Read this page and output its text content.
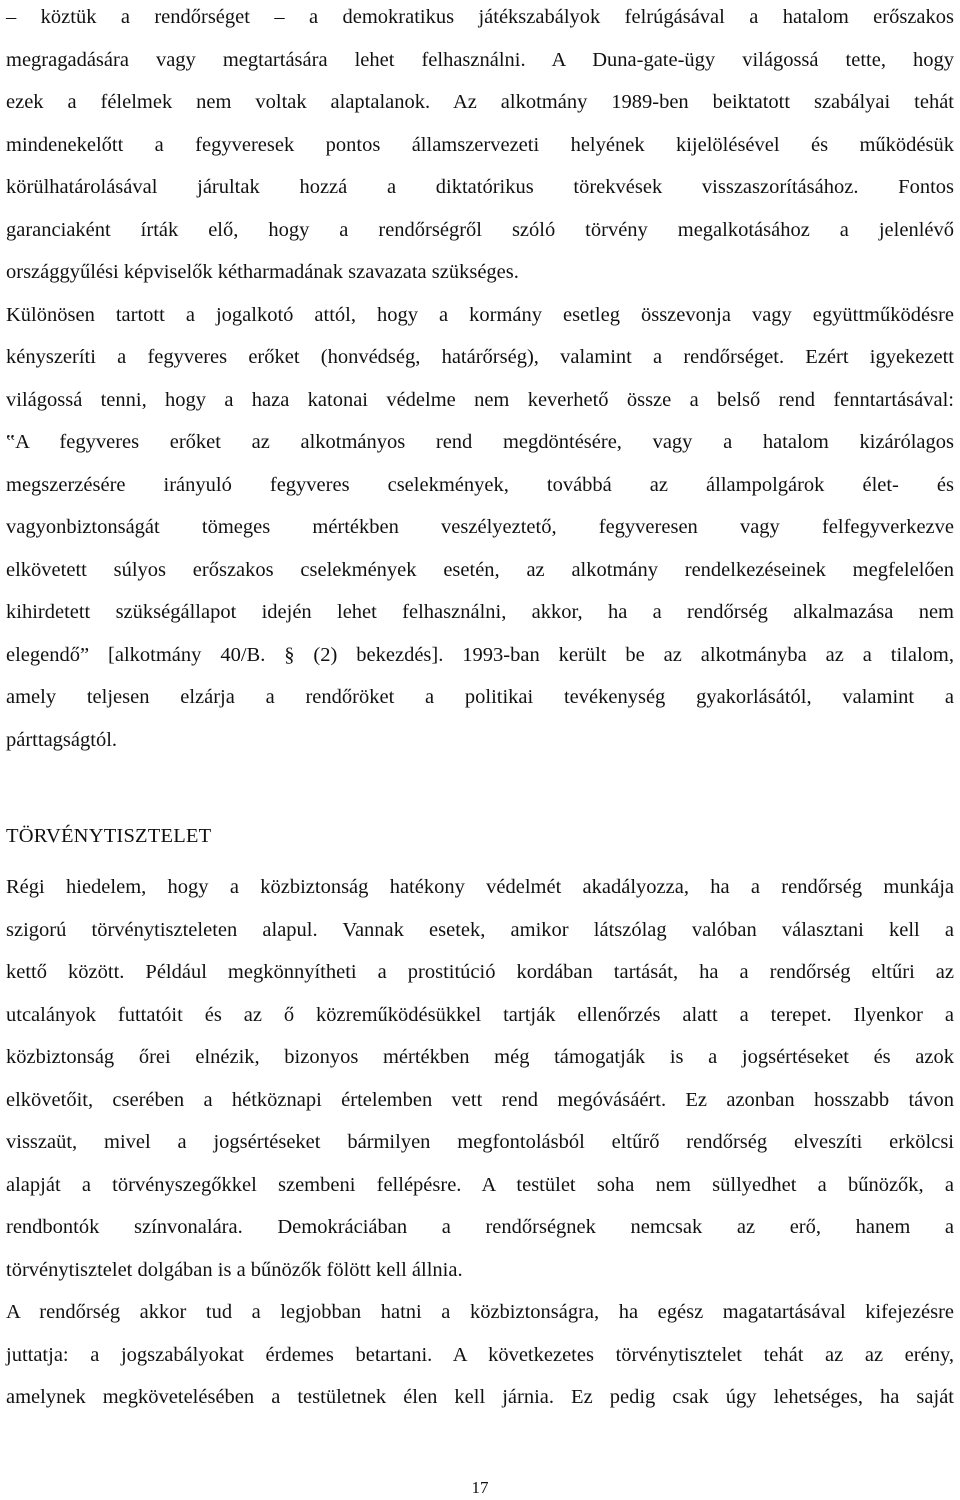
– köztük a rendőrséget – a demokratikus játékszabályok felrúgásával a hatalom erőszakos
megragadására vagy megtartására lehet felhasználni. A Duna-gate-ügy világossá tette, hogy
ezek a félelmek nem voltak alaptalanok. Az alkotmány 1989-ben beiktatott szabályai tehát
mindenekelőtt a fegyveresek pontos államszervezeti helyének kijelölésével és működésük
körülhatárolásával járultak hozzá a diktatórikus törekvések visszaszorításához. Fontos
garanciaként írták elő, hogy a rendőrségről szóló törvény megalkotásához a jelenlévő
országgyűlési képviselők kétharmadának szavazata szükséges.
Különösen tartott a jogalkotó attól, hogy a kormány esetleg összevonja vagy együttműködésre
kényszeríti a fegyveres erőket (honvédség, határőrség), valamint a rendőrséget. Ezért igyekezett
világossá tenni, hogy a haza katonai védelme nem keverhető össze a belső rend fenntartásával:
‟A fegyveres erőket az alkotmányos rend megdöntésére, vagy a hatalom kizárólagos
megszerzésére irányuló fegyveres cselekmények, továbbá az állampolgárok élet- és
vagyonbiztonságát tömeges mértékben veszélyeztető, fegyveresen vagy felfegyverkezve
elkövetett súlyos erőszakos cselekmények esetén, az alkotmány rendelkezéseinek megfelelően
kihirdetett szükségállapot idején lehet felhasználni, akkor, ha a rendőrség alkalmazása nem
elegendő” [alkotmány 40/B. § (2) bekezdés]. 1993-ban került be az alkotmányba az a tilalom,
amely teljesen elzárja a rendőröket a politikai tevékenység gyakorlásától, valamint a
párttagságtól.
TÖRVÉNYTISZTELET
Régi hiedelem, hogy a közbiztonság hatékony védelmét akadályozza, ha a rendőrség munkája
szigorú törvénytiszteleten alapul. Vannak esetek, amikor látszólag valóban választani kell a
kettő között. Például megkönnyítheti a prostitúció kordában tartását, ha a rendőrség eltűri az
utcalányok futtatóit és az ő közreműködésükkel tartják ellenőrzés alatt a terepet. Ilyenkor a
közbiztonság őrei elnézik, bizonyos mértékben még támogatják is a jogsértéseket és azok
elkövetőit, cserében a hétköznapi értelemben vett rend megóvásáért. Ez azonban hosszabb távon
visszaüt, mivel a jogsértéseket bármilyen megfontolásból eltűrő rendőrség elveszíti erkölcsi
alapját a törvényszegőkkel szembeni fellépésre. A testület soha nem süllyedhet a bűnözők, a
rendbontók színvonalára. Demokráciában a rendőrségnek nemcsak az erő, hanem a
törvénytisztelet dolgában is a bűnözők fölött kell állnia.
A rendőrség akkor tud a legjobban hatni a közbiztonságra, ha egész magatartásával kifejezésre
juttatja: a jogszabályokat érdemes betartani. A következetes törvénytisztelet tehát az az erény,
amelynek megkövetelésében a testületnek élen kell járnia. Ez pedig csak úgy lehetséges, ha saját
17
